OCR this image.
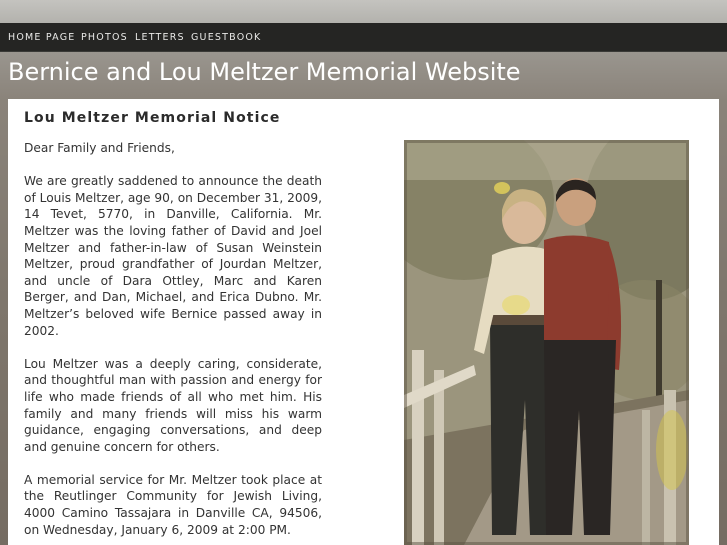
HOME PAGE PHOTOS LETTERS GUESTBOOK
Bernice and Lou Meltzer Memorial Website
Lou Meltzer Memorial Notice

Dear Family and Friends,

We are greatly saddened to announce the death of Louis Meltzer, age 90, on December 31, 2009, 14 Tevet, 5770, in Danville, California. Mr. Meltzer was the loving father of David and Joel Meltzer and father-in-law of Susan Weinstein Meltzer, proud grandfather of Jourdan Meltzer, and uncle of Dara Ottley, Marc and Karen Berger, and Dan, Michael, and Erica Dubno. Mr. Meltzer’s beloved wife Bernice passed away in 2002.

Lou Meltzer was a deeply caring, considerate, and thoughtful man with passion and energy for life who made friends of all who met him. His family and many friends will miss his warm guidance, engaging conversations, and deep and genuine concern for others.

A memorial service for Mr. Meltzer took place at the Reutlinger Community for Jewish Living, 4000 Camino Tassajara in Danville CA, 94506, on Wednesday, January 6, 2009 at 2:00 PM.
